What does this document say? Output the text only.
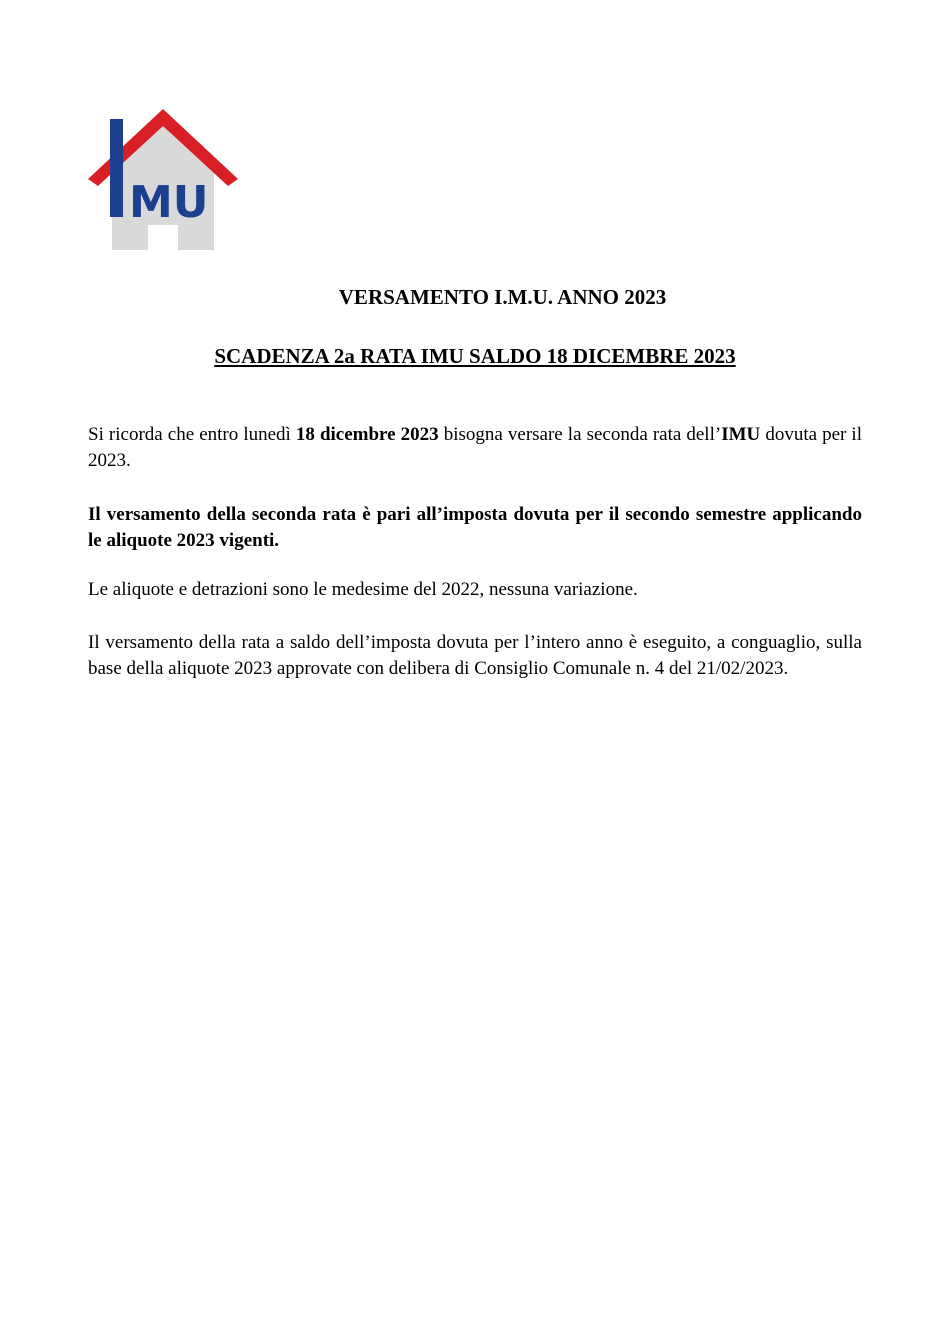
MU
VERSAMENTO I.M.U. ANNO 2023
SCADENZA 2a RATA IMU SALDO 18 DICEMBRE 2023
Si ricorda che entro lunedì 18 dicembre 2023 bisogna versare la seconda rata dell’IMU dovuta per il 2023.
Il versamento della seconda rata è pari all’imposta dovuta per il secondo semestre applicando le aliquote 2023 vigenti.
Le aliquote e detrazioni sono le medesime del 2022, nessuna variazione.
Il versamento della rata a saldo dell’imposta dovuta per l’intero anno è eseguito, a conguaglio, sulla base della aliquote 2023 approvate con delibera di Consiglio Comunale n. 4 del 21/02/2023.
